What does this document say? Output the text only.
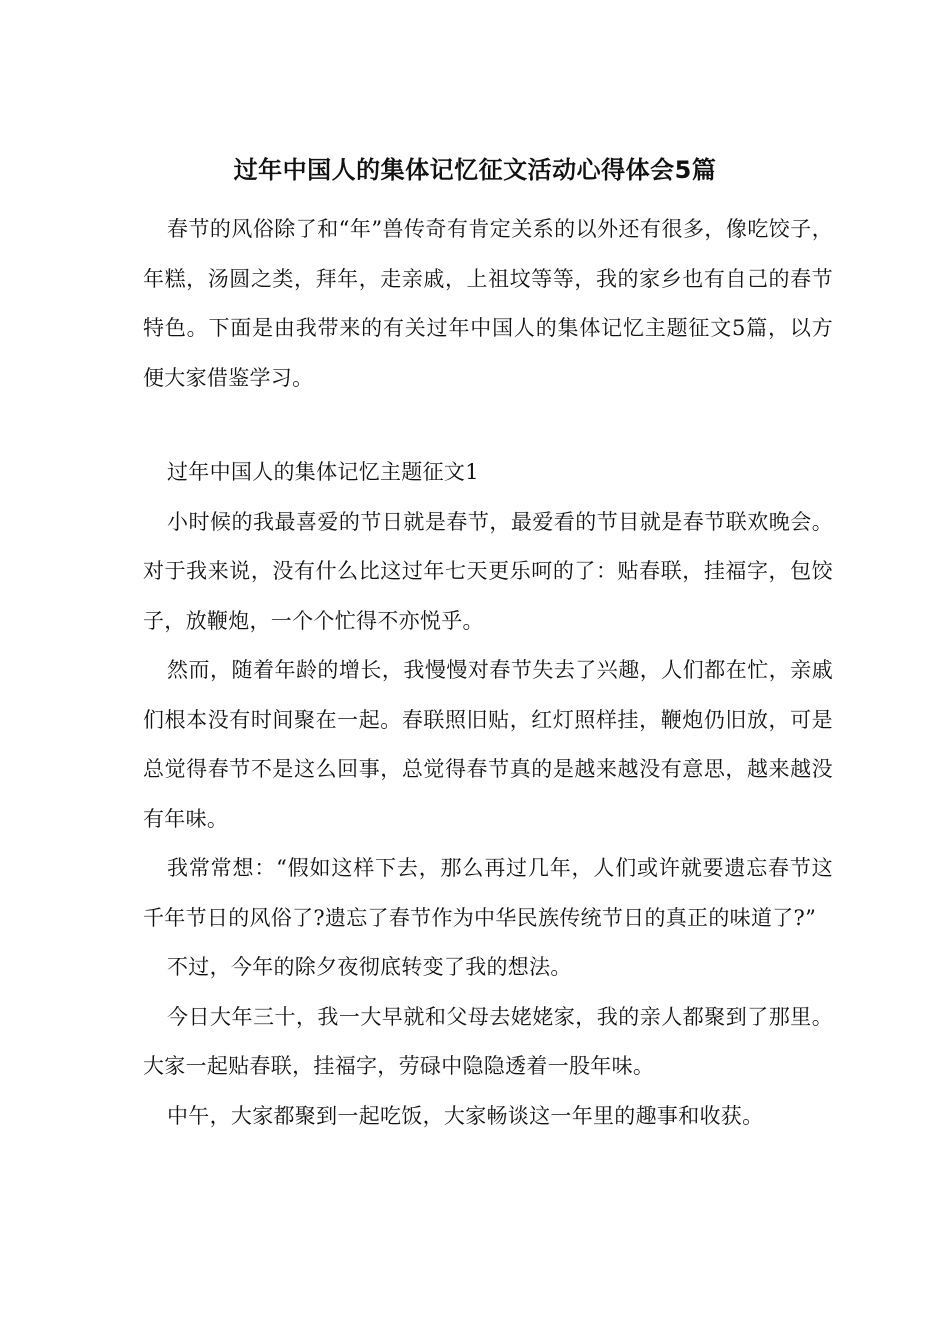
过年中国人的集体记忆征文活动心得体会5篇

春节的风俗除了和“年”兽传奇有肯定关系的以外还有很多，像吃饺子，年糕，汤圆之类，拜年，走亲戚，上祖坟等等，我的家乡也有自己的春节特色。下面是由我带来的有关过年中国人的集体记忆主题征文5篇，以方便大家借鉴学习。

过年中国人的集体记忆主题征文1

小时候的我最喜爱的节日就是春节，最爱看的节目就是春节联欢晚会。对于我来说，没有什么比这过年七天更乐呵的了：贴春联，挂福字，包饺子，放鞭炮，一个个忙得不亦悦乎。

然而，随着年龄的增长，我慢慢对春节失去了兴趣，人们都在忙，亲戚们根本没有时间聚在一起。春联照旧贴，红灯照样挂，鞭炮仍旧放，可是总觉得春节不是这么回事，总觉得春节真的是越来越没有意思，越来越没有年味。

我常常想：“假如这样下去，那么再过几年，人们或许就要遗忘春节这千年节日的风俗了?遗忘了春节作为中华民族传统节日的真正的味道了?”

不过，今年的除夕夜彻底转变了我的想法。

今日大年三十，我一大早就和父母去姥姥家，我的亲人都聚到了那里。大家一起贴春联，挂福字，劳碌中隐隐透着一股年味。

中午，大家都聚到一起吃饭，大家畅谈这一年里的趣事和收获。
